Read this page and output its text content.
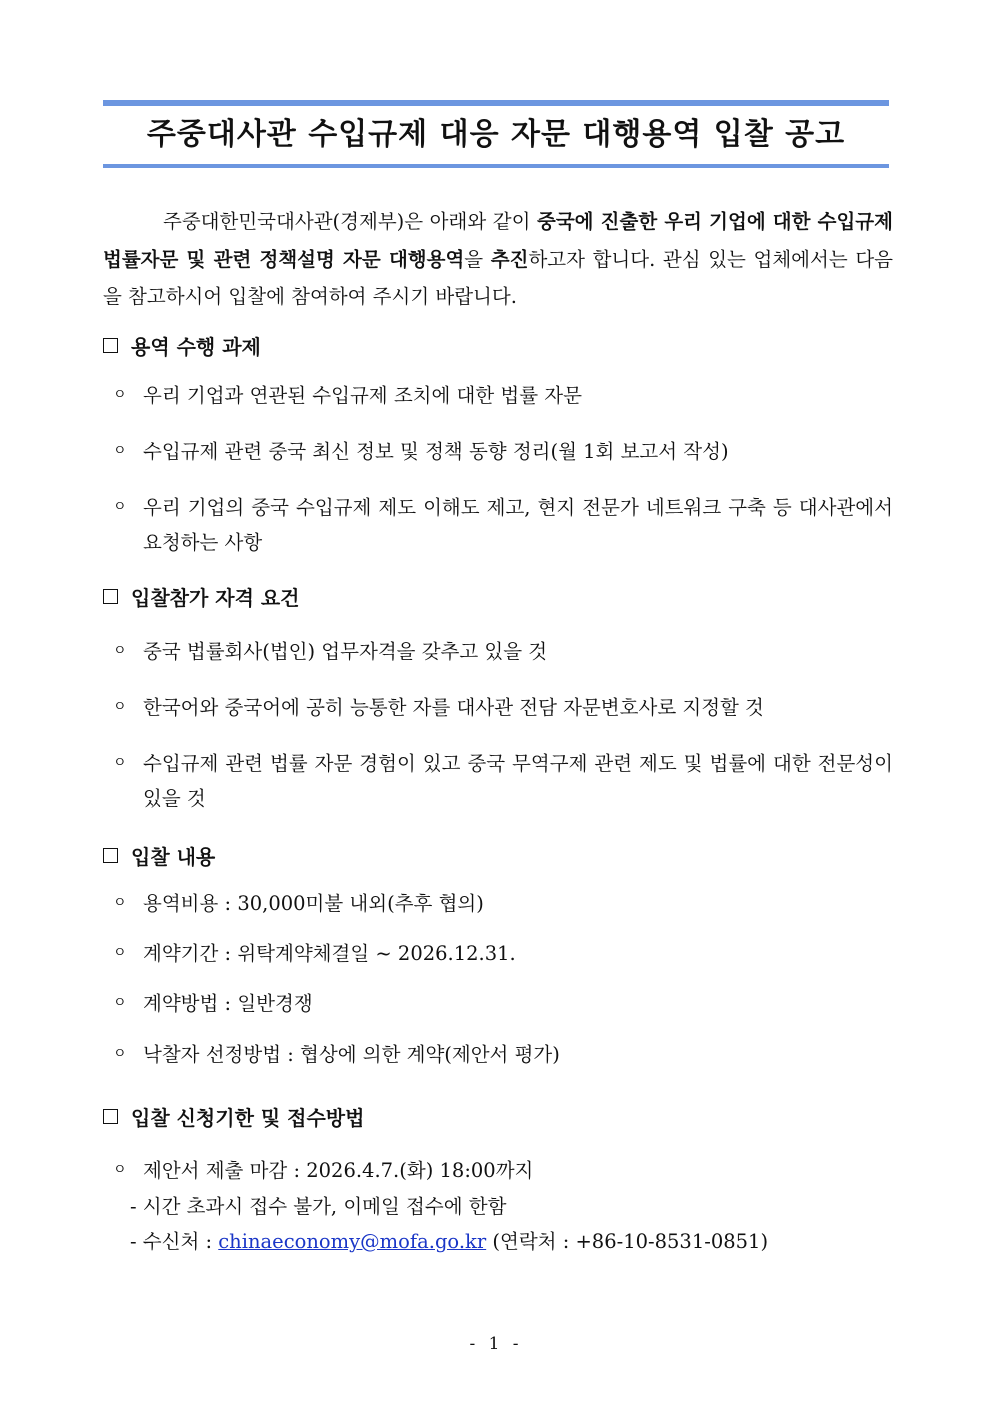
주중대사관 수입규제 대응 자문 대행용역 입찰 공고
주중대한민국대사관(경제부)은 아래와 같이 중국에 진출한 우리 기업에 대한 수입규제 법률자문 및 관련 정책설명 자문 대행용역을 추진하고자 합니다. 관심 있는 업체에서는 다음을 참고하시어 입찰에 참여하여 주시기 바랍니다.
용역 수행 과제
ㅇ 우리 기업과 연관된 수입규제 조치에 대한 법률 자문
ㅇ 수입규제 관련 중국 최신 정보 및 정책 동향 정리(월 1회 보고서 작성)
ㅇ 우리 기업의 중국 수입규제 제도 이해도 제고, 현지 전문가 네트워크 구축 등 대사관에서 요청하는 사항
입찰참가 자격 요건
ㅇ 중국 법률회사(법인) 업무자격을 갖추고 있을 것
ㅇ 한국어와 중국어에 공히 능통한 자를 대사관 전담 자문변호사로 지정할 것
ㅇ 수입규제 관련 법률 자문 경험이 있고 중국 무역구제 관련 제도 및 법률에 대한 전문성이 있을 것
입찰 내용
ㅇ 용역비용 : 30,000미불 내외(추후 협의)
ㅇ 계약기간 : 위탁계약체결일 ~ 2026.12.31.
ㅇ 계약방법 : 일반경쟁
ㅇ 낙찰자 선정방법 : 협상에 의한 계약(제안서 평가)
입찰 신청기한 및 접수방법
ㅇ 제안서 제출 마감 : 2026.4.7.(화) 18:00까지
- 시간 초과시 접수 불가, 이메일 접수에 한함
- 수신처 : chinaeconomy@mofa.go.kr (연락처 : +86-10-8531-0851)
- 1 -
